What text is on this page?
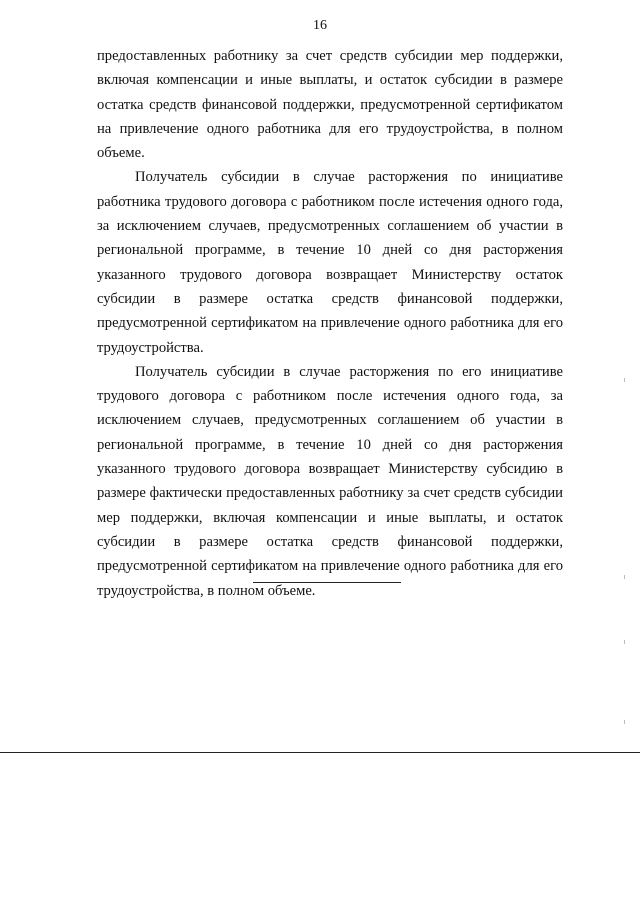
16

предоставленных работнику за счет средств субсидии мер поддержки, включая компенсации и иные выплаты, и остаток субсидии в размере остатка средств финансовой поддержки, предусмотренной сертификатом на привлечение одного работника для его трудоустройства, в полном объеме.

Получатель субсидии в случае расторжения по инициативе работника трудового договора с работником после истечения одного года, за исключением случаев, предусмотренных соглашением об участии в региональной программе, в течение 10 дней со дня расторжения указанного трудового договора возвращает Министерству остаток субсидии в размере остатка средств финансовой поддержки, предусмотренной сертификатом на привлечение одного работника для его трудоустройства.

Получатель субсидии в случае расторжения по его инициативе трудового договора с работником после истечения одного года, за исключением случаев, предусмотренных соглашением об участии в региональной программе, в течение 10 дней со дня расторжения указанного трудового договора возвращает Министерству субсидию в размере фактически предоставленных работнику за счет средств субсидии мер поддержки, включая компенсации и иные выплаты, и остаток субсидии в размере остатка средств финансовой поддержки, предусмотренной сертификатом на привлечение одного работника для его трудоустройства, в полном объеме.
